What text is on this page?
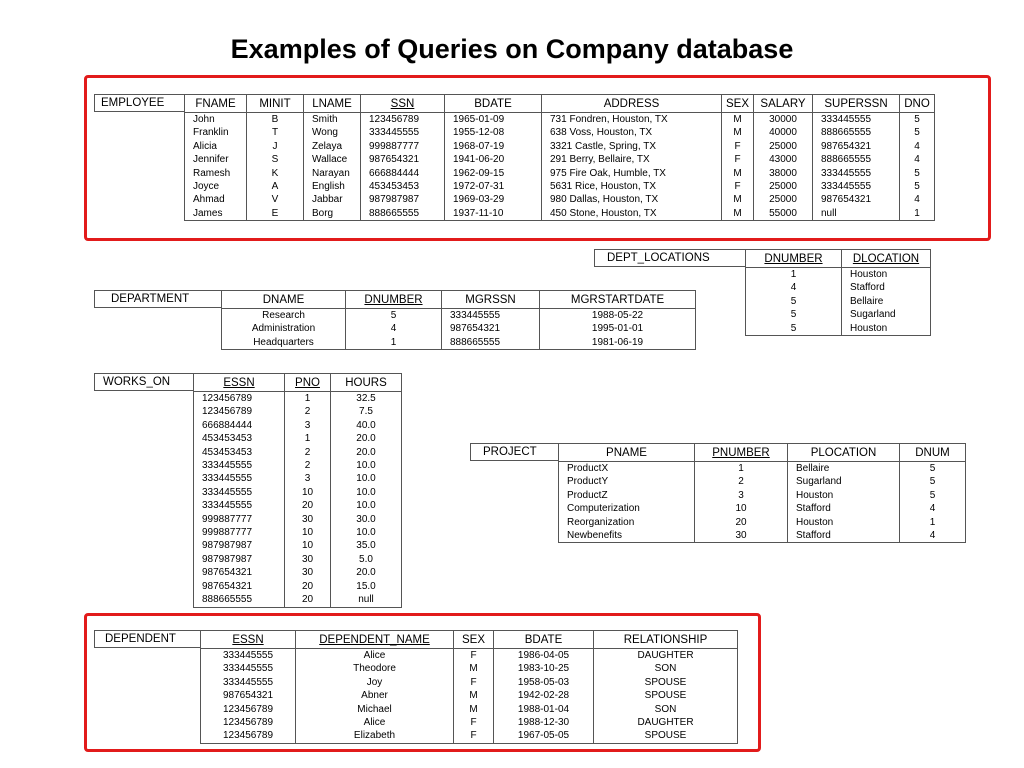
Examples of Queries on Company database
EMPLOYEE	FNAME	MINIT	LNAME	SSN	BDATE	ADDRESS	SEX	SALARY	SUPERSSN	DNO
John	B	Smith	123456789	1965-01-09	731 Fondren, Houston, TX	M	30000	333445555	5
Franklin	T	Wong	333445555	1955-12-08	638 Voss, Houston, TX	M	40000	888665555	5
Alicia	J	Zelaya	999887777	1968-07-19	3321 Castle, Spring, TX	F	25000	987654321	4
Jennifer	S	Wallace	987654321	1941-06-20	291 Berry, Bellaire, TX	F	43000	888665555	4
Ramesh	K	Narayan	666884444	1962-09-15	975 Fire Oak, Humble, TX	M	38000	333445555	5
Joyce	A	English	453453453	1972-07-31	5631 Rice, Houston, TX	F	25000	333445555	5
Ahmad	V	Jabbar	987987987	1969-03-29	980 Dallas, Houston, TX	M	25000	987654321	4
James	E	Borg	888665555	1937-11-10	450 Stone, Houston, TX	M	55000	null	1
DEPT_LOCATIONS	DNUMBER	DLOCATION
1	Houston
4	Stafford
5	Bellaire
5	Sugarland
5	Houston
DEPARTMENT	DNAME	DNUMBER	MGRSSN	MGRSTARTDATE
Research	5	333445555	1988-05-22
Administration	4	987654321	1995-01-01
Headquarters	1	888665555	1981-06-19
WORKS_ON	ESSN	PNO	HOURS
123456789	1	32.5
123456789	2	7.5
666884444	3	40.0
453453453	1	20.0
453453453	2	20.0
333445555	2	10.0
333445555	3	10.0
333445555	10	10.0
333445555	20	10.0
999887777	30	30.0
999887777	10	10.0
987987987	10	35.0
987987987	30	5.0
987654321	30	20.0
987654321	20	15.0
888665555	20	null
PROJECT	PNAME	PNUMBER	PLOCATION	DNUM
ProductX	1	Bellaire	5
ProductY	2	Sugarland	5
ProductZ	3	Houston	5
Computerization	10	Stafford	4
Reorganization	20	Houston	1
Newbenefits	30	Stafford	4
DEPENDENT	ESSN	DEPENDENT_NAME	SEX	BDATE	RELATIONSHIP
333445555	Alice	F	1986-04-05	DAUGHTER
333445555	Theodore	M	1983-10-25	SON
333445555	Joy	F	1958-05-03	SPOUSE
987654321	Abner	M	1942-02-28	SPOUSE
123456789	Michael	M	1988-01-04	SON
123456789	Alice	F	1988-12-30	DAUGHTER
123456789	Elizabeth	F	1967-05-05	SPOUSE
